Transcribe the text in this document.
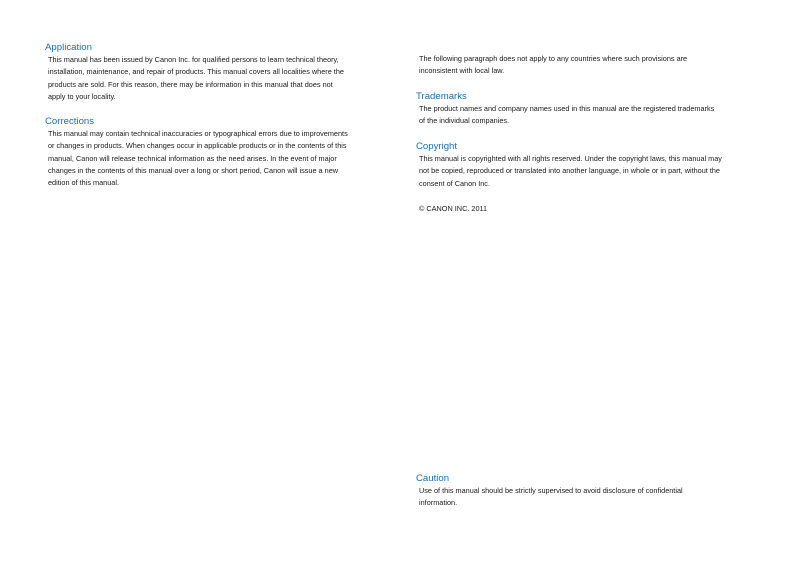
Application
This manual has been issued by Canon Inc. for qualified persons to learn technical theory,
installation, maintenance, and repair of products. This manual covers all localities where the
products are sold. For this reason, there may be information in this manual that does not
apply to your locality.
Corrections
This manual may contain technical inaccuracies or typographical errors due to improvements
or changes in products. When changes occur in applicable products or in the contents of this
manual, Canon will release technical information as the need arises. In the event of major
changes in the contents of this manual over a long or short period, Canon will issue a new
edition of this manual.
The following paragraph does not apply to any countries where such provisions are
inconsistent with local law.
Trademarks
The product names and company names used in this manual are the registered trademarks
of the individual companies.
Copyright
This manual is copyrighted with all rights reserved. Under the copyright laws, this manual may
not be copied, reproduced or translated into another language, in whole or in part, without the
consent of Canon Inc.
© CANON INC. 2011
Caution
Use of this manual should be strictly supervised to avoid disclosure of confidential
information.
